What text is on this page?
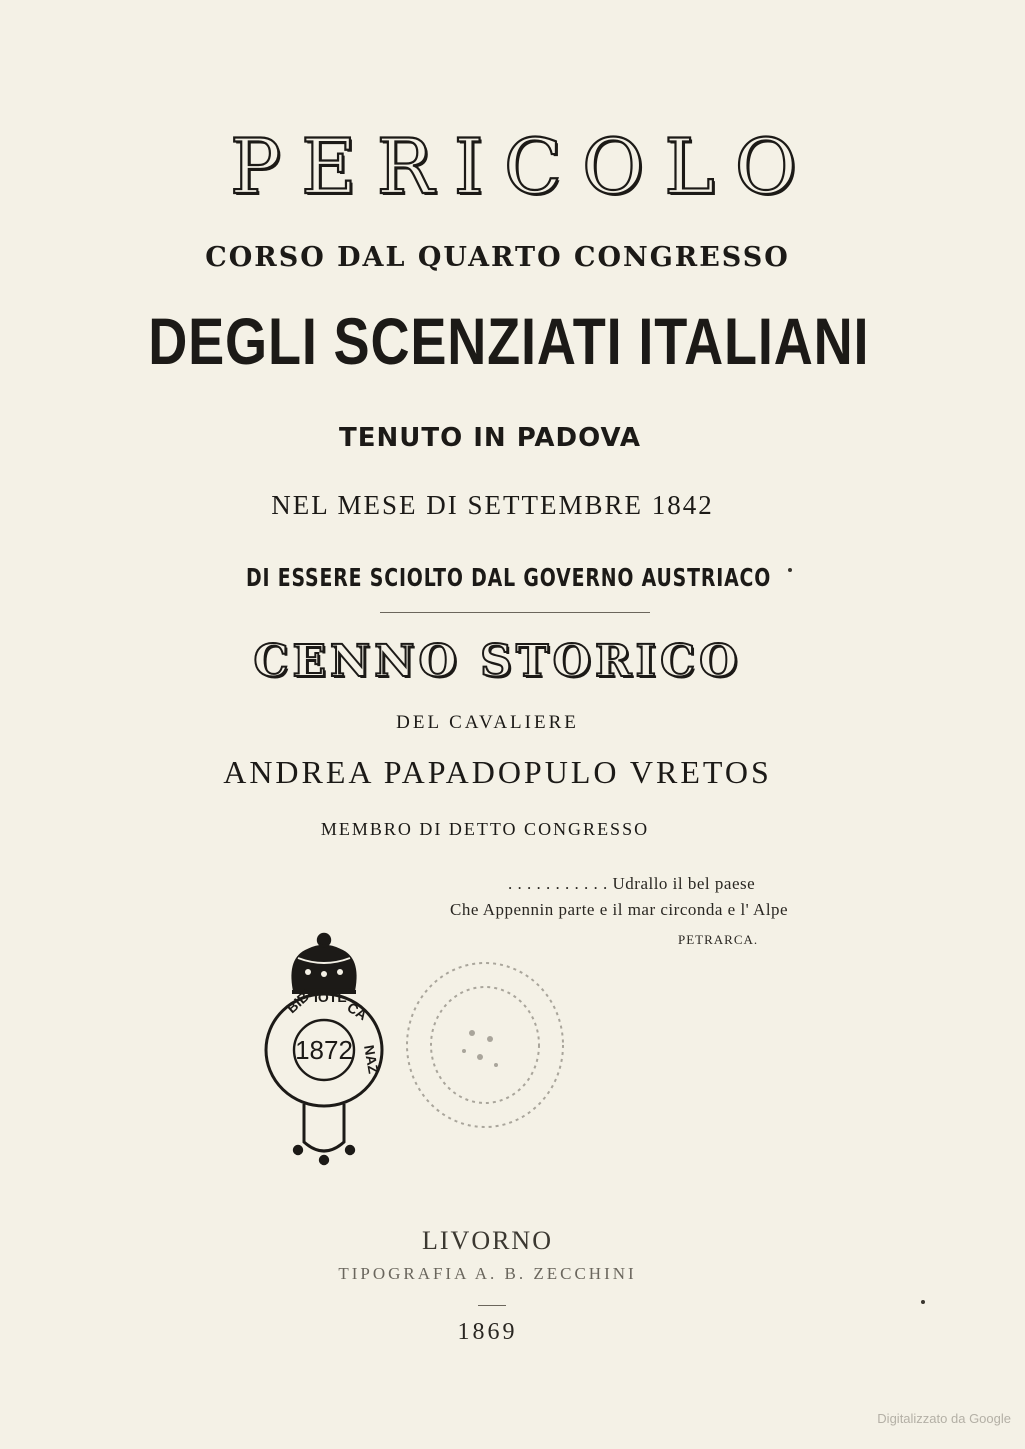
PERICOLO
CORSO DAL QUARTO CONGRESSO
DEGLI SCENZIATI ITALIANI
TENUTO IN PADOVA
NEL MESE DI SETTEMBRE 1842
DI ESSERE SCIOLTO DAL GOVERNO AUSTRIACO
CENNO STORICO
DEL CAVALIERE
ANDREA PAPADOPULO VRETOS
MEMBRO DI DETTO CONGRESSO
. . . . . . . . . . . Udrallo il bel paese
Che Appennin parte e il mar circonda e l' Alpe
PETRARCA.
BIBL
IOTE
CA
NAZ
1872
LIVORNO
TIPOGRAFIA A. B. ZECCHINI
1869
Digitalizzato da Google
